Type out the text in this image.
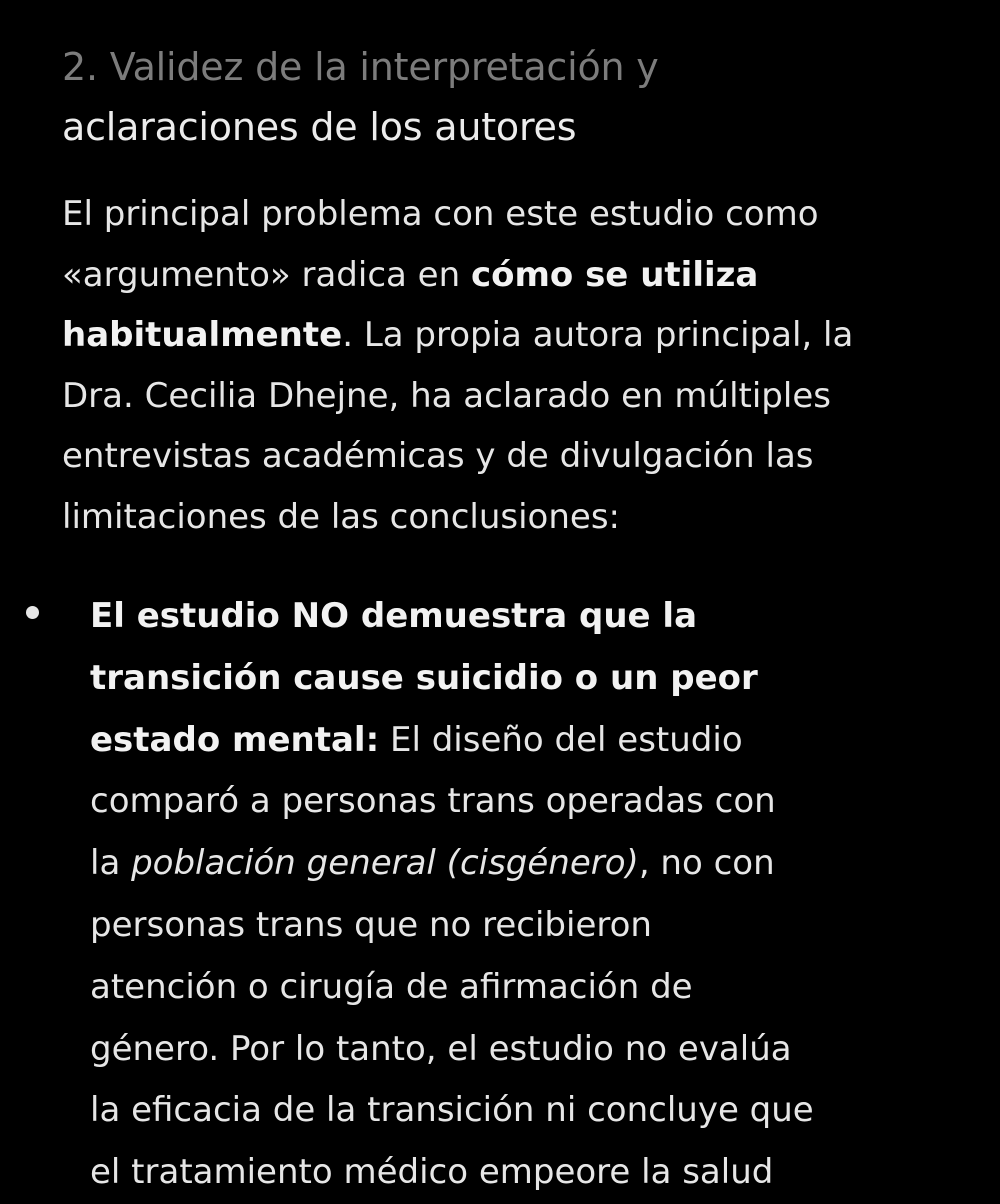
2. Validez de la interpretación y
aclaraciones de los autores

El principal problema con este estudio como
«argumento» radica en cómo se utiliza
habitualmente. La propia autora principal, la
Dra. Cecilia Dhejne, ha aclarado en múltiples
entrevistas académicas y de divulgación las
limitaciones de las conclusiones:

El estudio NO demuestra que la
transición cause suicidio o un peor
estado mental: El diseño del estudio
comparó a personas trans operadas con
la población general (cisgénero), no con
personas trans que no recibieron
atención o cirugía de afirmación de
género. Por lo tanto, el estudio no evalúa
la eficacia de la transición ni concluye que
el tratamiento médico empeore la salud
